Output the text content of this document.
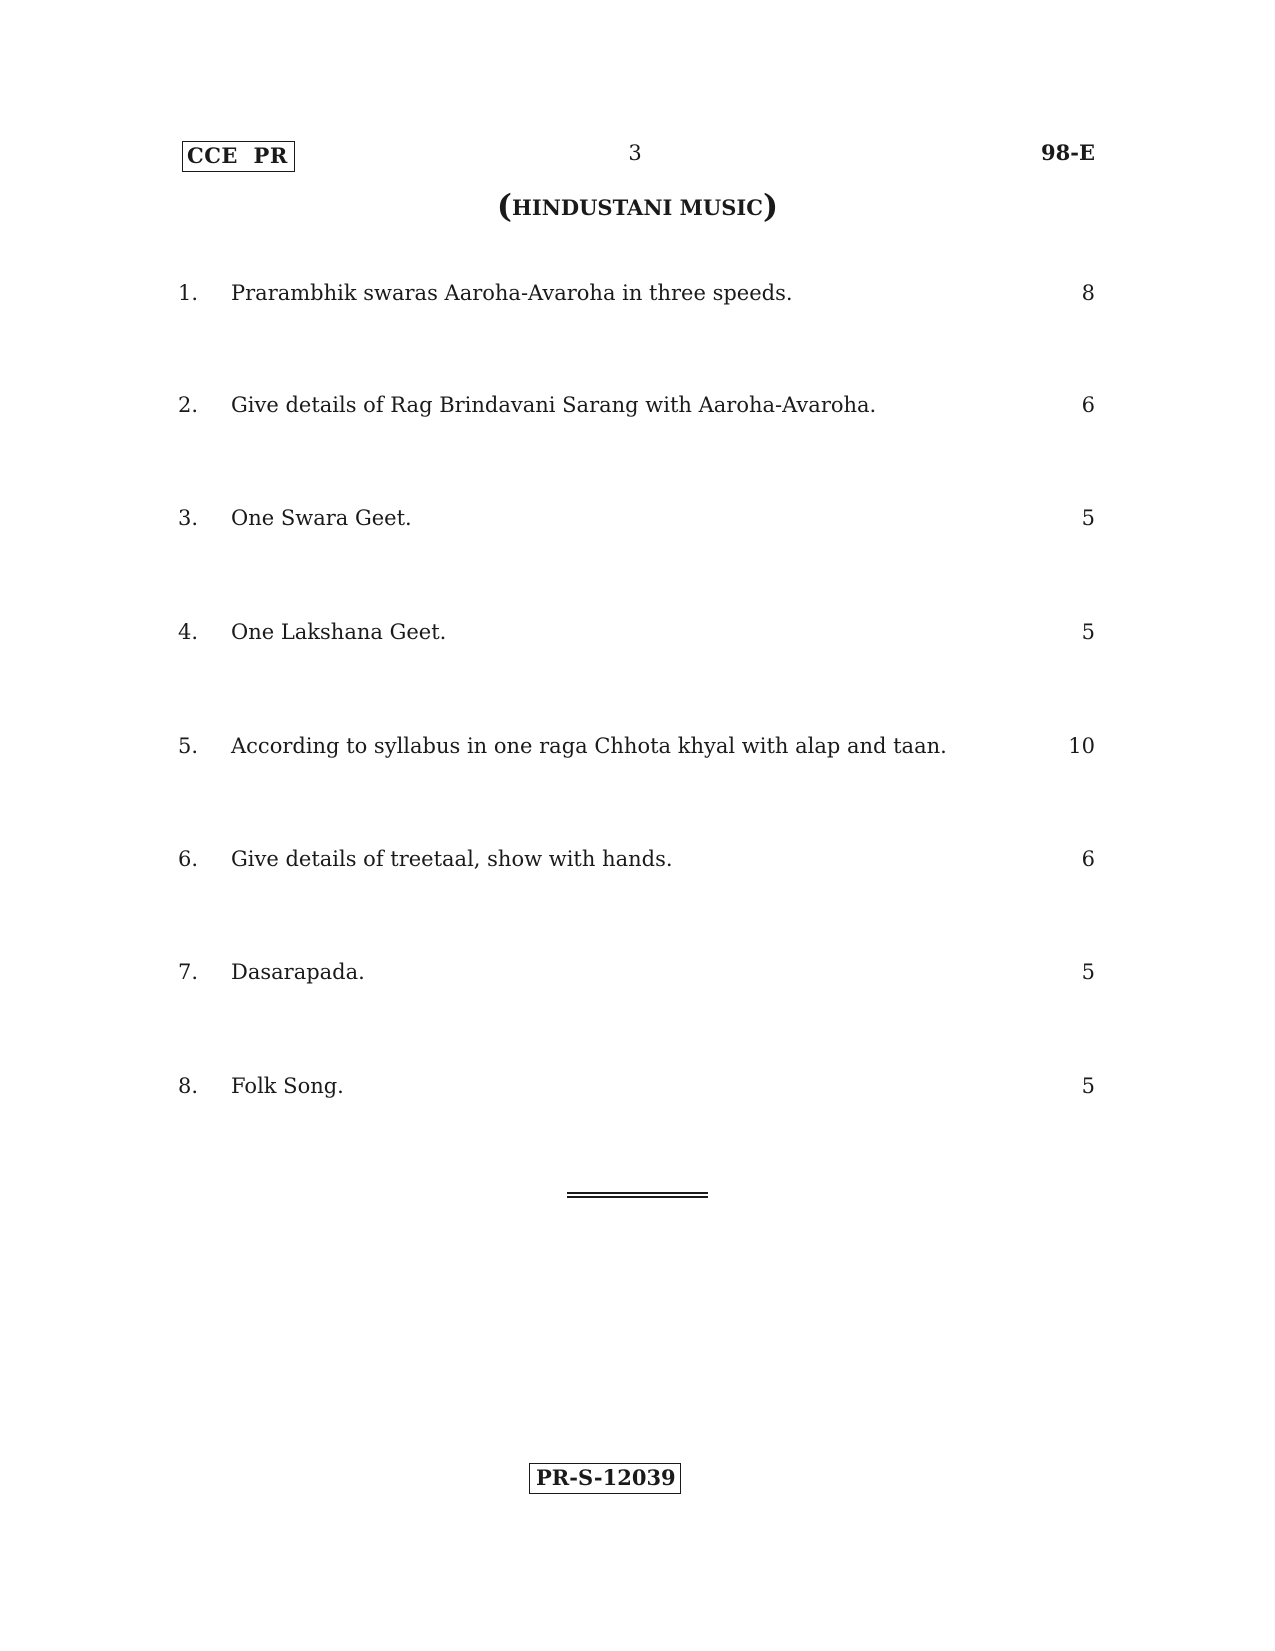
CCE  PR	3	98-E
(HINDUSTANI MUSIC)
1. Prarambhik swaras Aaroha-Avaroha in three speeds.	8
2. Give details of Rag Brindavani Sarang with Aaroha-Avaroha.	6
3. One Swara Geet.	5
4. One Lakshana Geet.	5
5. According to syllabus in one raga Chhota khyal with alap and taan.	10
6. Give details of treetaal, show with hands.	6
7. Dasarapada.	5
8. Folk Song.	5
PR-S-12039
